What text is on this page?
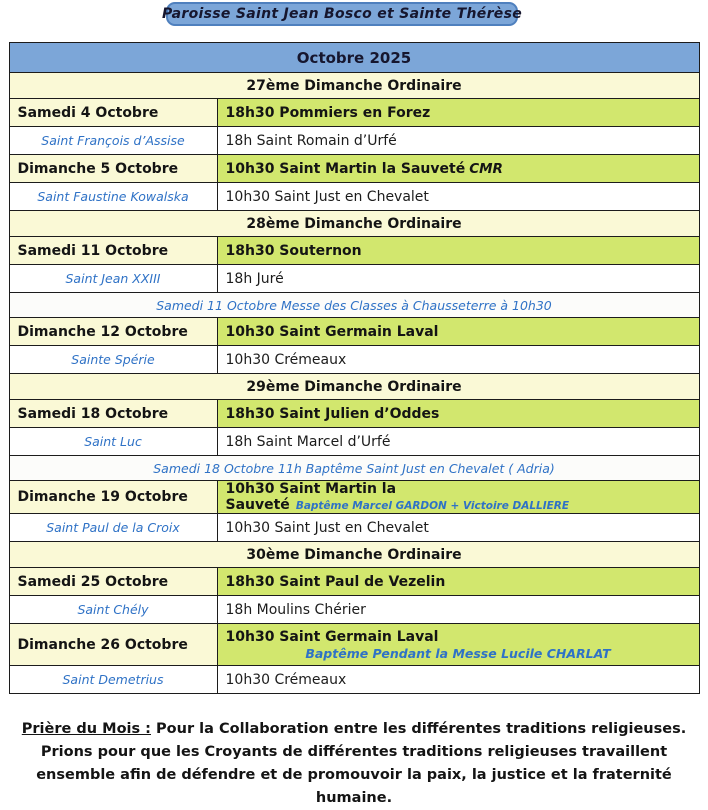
Paroisse Saint Jean Bosco et Sainte Thérèse
Octobre 2025	
27ème Dimanche Ordinaire	
Samedi 4 Octobre	18h30 Pommiers en Forez
Saint François d’Assise	18h Saint Romain d’Urfé
Dimanche 5 Octobre	10h30 Saint Martin la Sauveté CMR
Saint Faustine Kowalska	10h30 Saint Just en Chevalet
28ème Dimanche Ordinaire	
Samedi 11 Octobre	18h30 Souternon
Saint Jean XXIII	18h Juré
Samedi 11 Octobre Messe des Classes à Chausseterre à 10h30	
Dimanche 12 Octobre	10h30 Saint Germain Laval
Sainte Spérie	10h30 Crémeaux
29ème Dimanche Ordinaire	
Samedi 18 Octobre	18h30 Saint Julien d’Oddes
Saint Luc	18h Saint Marcel d’Urfé
Samedi 18 Octobre 11h Baptême Saint Just en Chevalet ( Adria)	
Dimanche 19 Octobre	10h30 Saint Martin la Sauveté Baptême Marcel GARDON + Victoire DALLIERE
Saint Paul de la Croix	10h30 Saint Just en Chevalet
30ème Dimanche Ordinaire	
Samedi 25 Octobre	18h30 Saint Paul de Vezelin
Saint Chély	18h Moulins Chérier
Dimanche 26 Octobre	10h30 Saint Germain Laval
Baptême Pendant la Messe Lucile CHARLAT

Saint Demetrius	10h30 Crémeaux

Prière du Mois : Pour la Collaboration entre les différentes traditions religieuses. Prions pour que les Croyants de différentes traditions religieuses travaillent ensemble afin de défendre et de promouvoir la paix, la justice et la fraternité humaine.
